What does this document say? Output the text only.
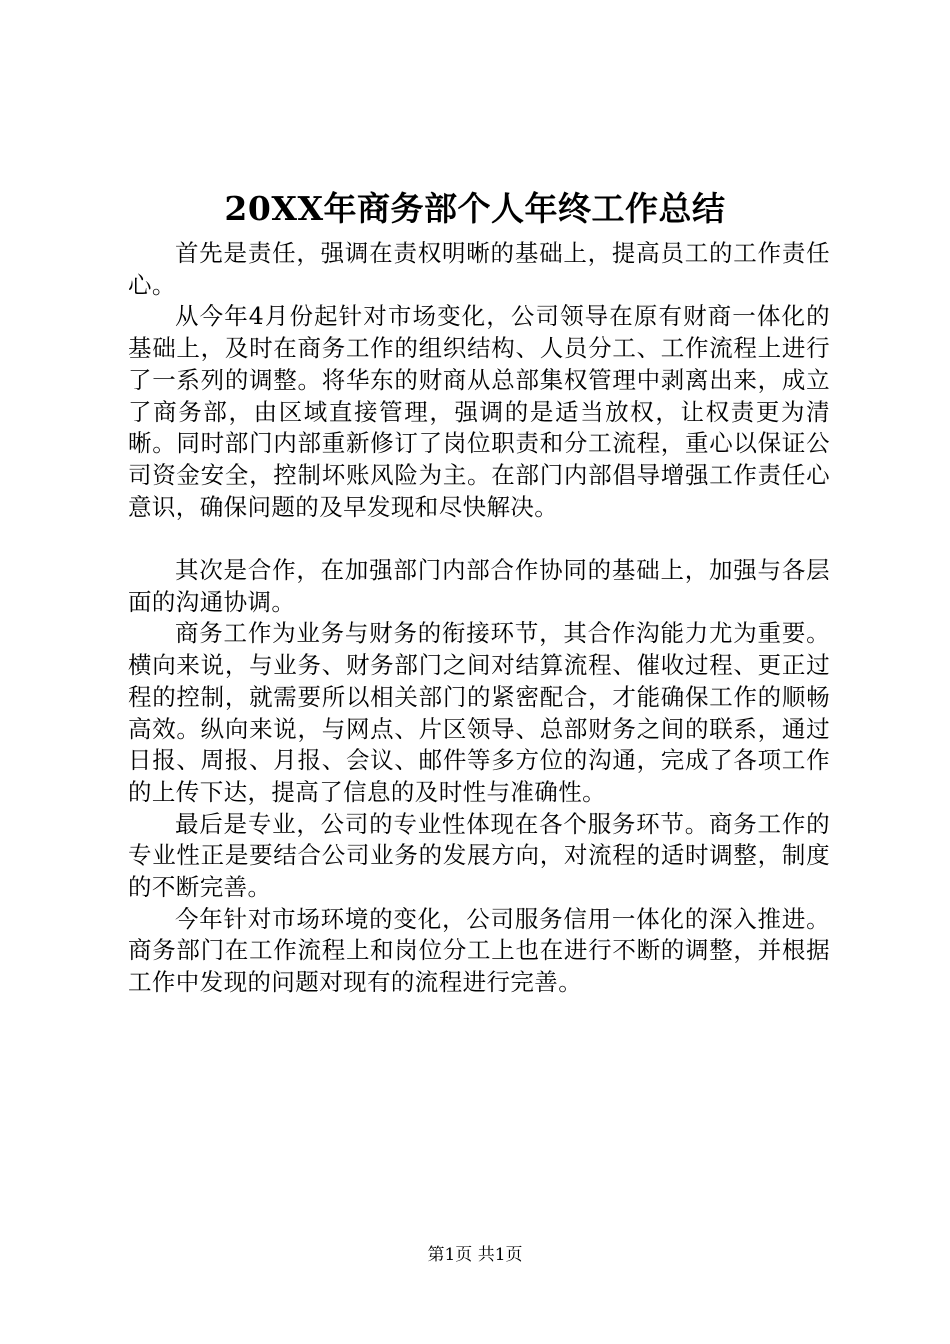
20XX年商务部个人年终工作总结

首先是责任，强调在责权明晰的基础上，提高员工的工作责任心。

从今年4月份起针对市场变化，公司领导在原有财商一体化的基础上，及时在商务工作的组织结构、人员分工、工作流程上进行了一系列的调整。将华东的财商从总部集权管理中剥离出来，成立了商务部，由区域直接管理，强调的是适当放权，让权责更为清晰。同时部门内部重新修订了岗位职责和分工流程，重心以保证公司资金安全，控制坏账风险为主。在部门内部倡导增强工作责任心意识，确保问题的及早发现和尽快解决。

其次是合作，在加强部门内部合作协同的基础上，加强与各层面的沟通协调。

商务工作为业务与财务的衔接环节，其合作沟能力尤为重要。横向来说，与业务、财务部门之间对结算流程、催收过程、更正过程的控制，就需要所以相关部门的紧密配合，才能确保工作的顺畅高效。纵向来说，与网点、片区领导、总部财务之间的联系，通过日报、周报、月报、会议、邮件等多方位的沟通，完成了各项工作的上传下达，提高了信息的及时性与准确性。

最后是专业，公司的专业性体现在各个服务环节。商务工作的专业性正是要结合公司业务的发展方向，对流程的适时调整，制度的不断完善。

今年针对市场环境的变化，公司服务信用一体化的深入推进。商务部门在工作流程上和岗位分工上也在进行不断的调整，并根据工作中发现的问题对现有的流程进行完善。

第1页 共1页
